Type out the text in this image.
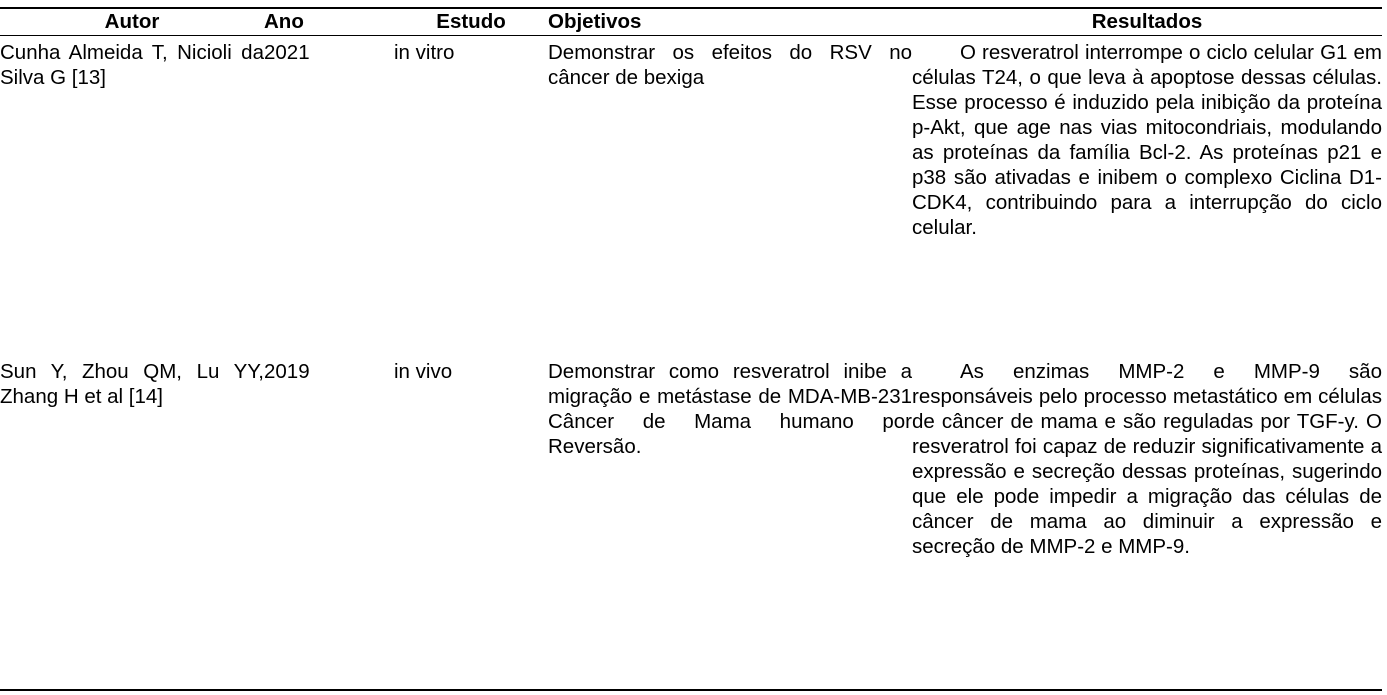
Autor	Ano	Estudo	Objetivos	Resultados
Cunha Almeida T, Nicioli da Silva G [13]	2021	in vitro	Demonstrar os efeitos do RSV no câncer de bexiga	O resveratrol interrompe o ciclo celular G1 em células T24, o que leva à apoptose dessas células. Esse processo é induzido pela inibição da proteína p-Akt, que age nas vias mitocondriais, modulando as proteínas da família Bcl-2. As proteínas p21 e p38 são ativadas e inibem o complexo Ciclina D1-CDK4, contribuindo para a interrupção do ciclo celular.
Sun Y, Zhou QM, Lu YY, Zhang H et al [14]	2019	in vivo	Demonstrar como resveratrol inibe a migração e metástase de MDA-MB-231 Câncer de Mama humano por Reversão.	As enzimas MMP-2 e MMP-9 são responsáveis pelo processo metastático em células de câncer de mama e são reguladas por TGF-y. O resveratrol foi capaz de reduzir significativamente a expressão e secreção dessas proteínas, sugerindo que ele pode impedir a migração das células de câncer de mama ao diminuir a expressão e secreção de MMP-2 e MMP-9.
